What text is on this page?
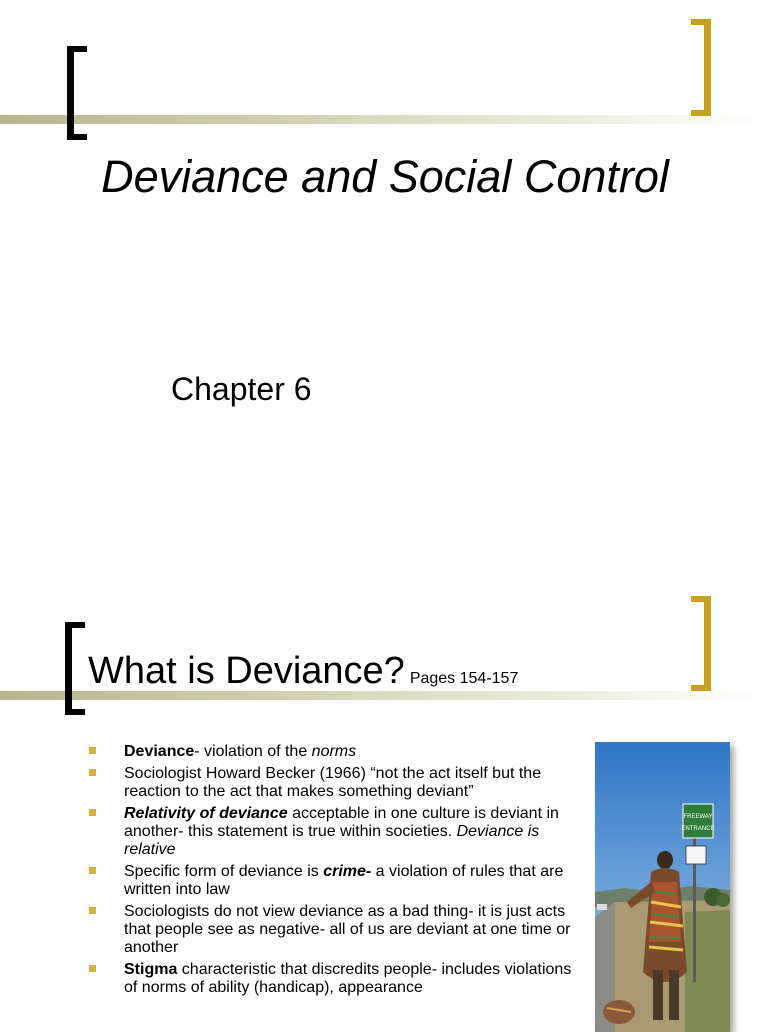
Deviance and Social Control
Chapter 6
What is Deviance? Pages 154-157
Deviance- violation of the norms
Sociologist Howard Becker (1966) “not the act itself but the reaction to the act that makes something deviant”
Relativity of deviance acceptable in one culture is deviant in another- this statement is true within societies. Deviance is relative
Specific form of deviance is crime- a violation of rules that are written into law
Sociologists do not view deviance as a bad thing- it is just acts that people see as negative- all of us are deviant at one time or another
Stigma characteristic that discredits people- includes violations of norms of ability (handicap), appearance
FREEWAY
ENTRANCE
